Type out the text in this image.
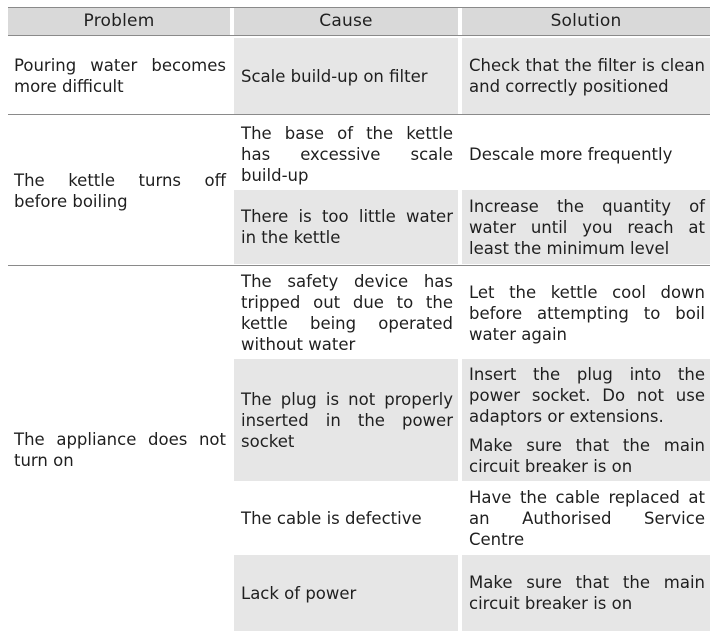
Problem	Cause	Solution
Pouring water becomes more difficult
Scale build-up on filter
Check that the filter is clean and correctly positioned
The kettle turns off before boiling
The base of the kettle has excessive scale build-up
Descale more frequently
There is too little water in the kettle
Increase the quantity of water until you reach at least the minimum level
The appliance does not turn on
The safety device has tripped out due to the kettle being operated without water
Let the kettle cool down before attempting to boil water again
The plug is not properly inserted in the power socket
Insert the plug into the power socket. Do not use adaptors or extensions.
Make sure that the main circuit breaker is on
The cable is defective
Have the cable replaced at an Authorised Service Centre
Lack of power
Make sure that the main circuit breaker is on
